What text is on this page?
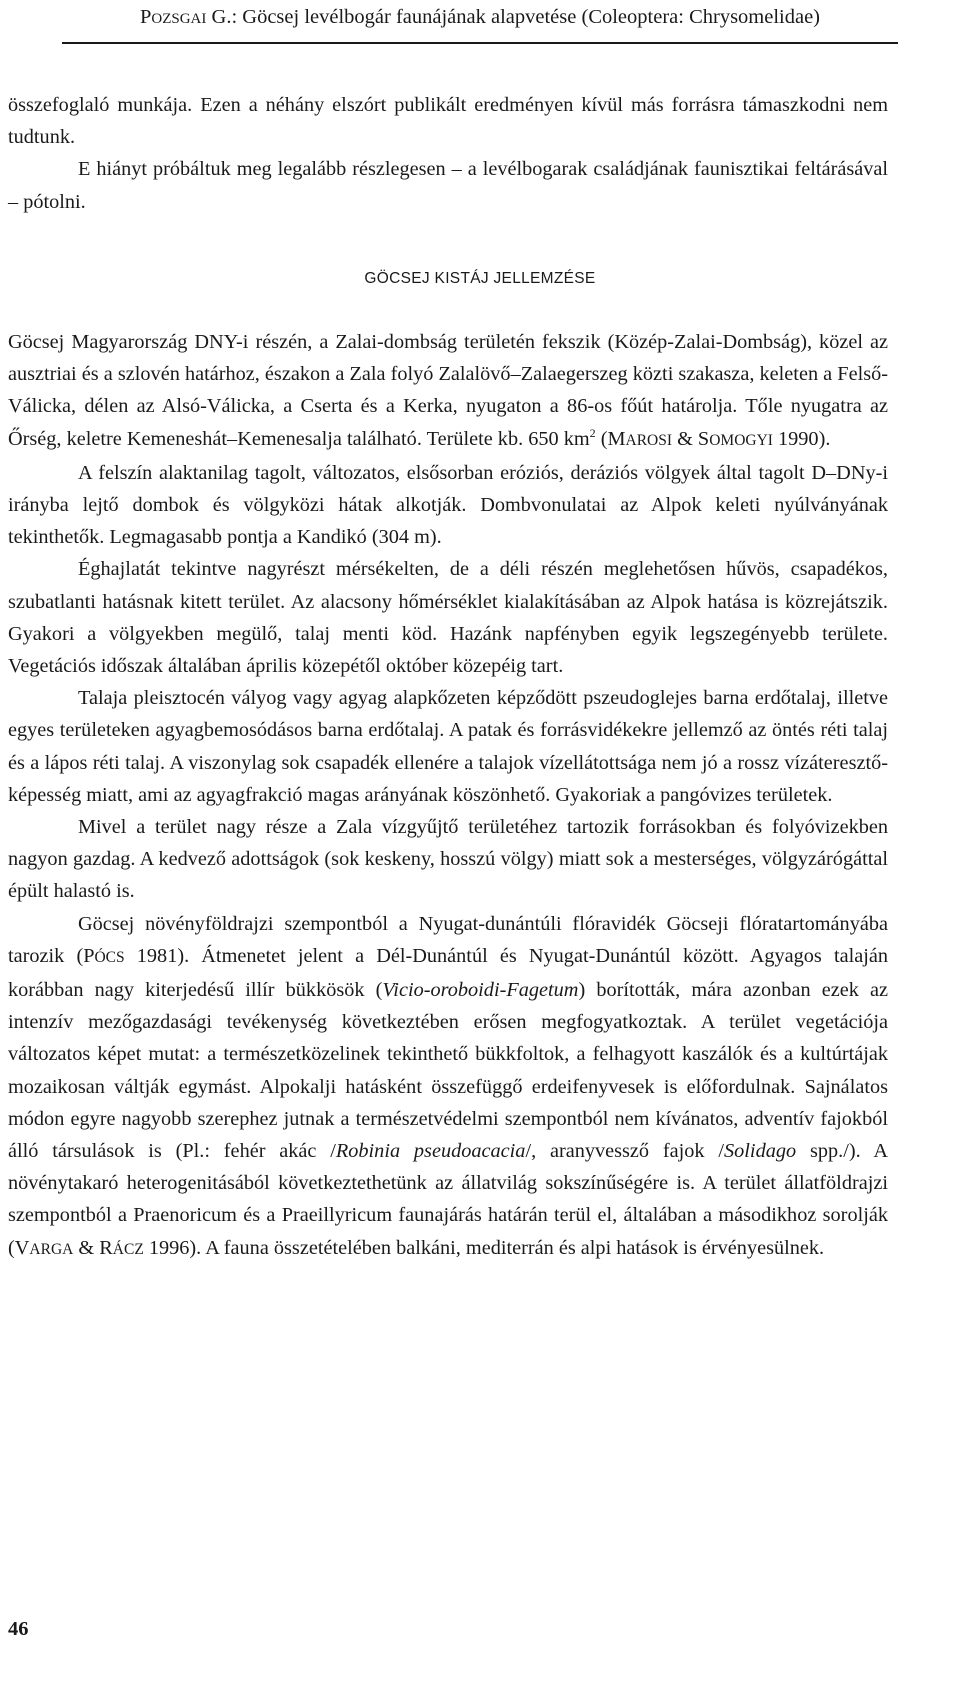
POZSGAI G.: Göcsej levélbogár faunájának alapvetése (Coleoptera: Chrysomelidae)

összefoglaló munkája. Ezen a néhány elszórt publikált eredményen kívül más forrásra támaszkodni nem tudtunk.

E hiányt próbáltuk meg legalább részlegesen – a levélbogarak családjának faunisztikai feltárásával – pótolni.

GÖCSEJ KISTÁJ JELLEMZÉSE

Göcsej Magyarország DNY-i részén, a Zalai-dombság területén fekszik (Közép-Zalai-Dombság), közel az ausztriai és a szlovén határhoz, északon a Zala folyó Zalalövő–Zalaegerszeg közti szakasza, keleten a Felső-Válicka, délen az Alsó-Válicka, a Cserta és a Kerka, nyugaton a 86-os főút határolja. Tőle nyugatra az Őrség, keletre Kemeneshát–Kemenesalja található. Területe kb. 650 $km^2$ (MAROSI & SOMOGYI 1990).

A felszín alaktanilag tagolt, változatos, elsősorban eróziós, deráziós völgyek által tagolt D–DNy-i irányba lejtő dombok és völgyközi hátak alkotják. Dombvonulatai az Alpok keleti nyúlványának tekinthetők. Legmagasabb pontja a Kandikó (304 m).

Éghajlatát tekintve nagyrészt mérsékelten, de a déli részén meglehetősen hűvös, csapadékos, szubatlanti hatásnak kitett terület. Az alacsony hőmérséklet kialakításában az Alpok hatása is közrejátszik. Gyakori a völgyekben megülő, talaj menti köd. Hazánk napfényben egyik legszegényebb területe. Vegetációs időszak általában április közepétől október közepéig tart.

Talaja pleisztocén vályog vagy agyag alapkőzeten képződött pszeudoglejes barna erdőtalaj, illetve egyes területeken agyagbemosódásos barna erdőtalaj. A patak és forrásvidékekre jellemző az öntés réti talaj és a lápos réti talaj. A viszonylag sok csapadék ellenére a talajok vízellátottsága nem jó a rossz vízáteresztő-képesség miatt, ami az agyagfrakció magas arányának köszönhető. Gyakoriak a pangóvizes területek.

Mivel a terület nagy része a Zala vízgyűjtő területéhez tartozik forrásokban és folyóvizekben nagyon gazdag. A kedvező adottságok (sok keskeny, hosszú völgy) miatt sok a mesterséges, völgyzárógáttal épült halastó is.

Göcsej növényföldrajzi szempontból a Nyugat-dunántúli flóravidék Göcseji flóratartományába tarozik (PÓCS 1981). Átmenetet jelent a Dél-Dunántúl és Nyugat-Dunántúl között. Agyagos talaján korábban nagy kiterjedésű illír bükkösök (Vicio-oroboidi-Fagetum) borították, mára azonban ezek az intenzív mezőgazdasági tevékenység következtében erősen megfogyatkoztak. A terület vegetációja változatos képet mutat: a természetközelinek tekinthető bükkfoltok, a felhagyott kaszálók és a kultúrtájak mozaikosan váltják egymást. Alpokalji hatásként összefüggő erdeifenyvesek is előfordulnak. Sajnálatos módon egyre nagyobb szerephez jutnak a természetvédelmi szempontból nem kívánatos, adventív fajokból álló társulások is (Pl.: fehér akác /Robinia pseudoacacia/, aranyvessző fajok /Solidago spp./). A növénytakaró heterogenitásából következtethetünk az állatvilág sokszínűségére is. A terület állatföldrajzi szempontból a Praenoricum és a Praeillyricum faunajárás határán terül el, általában a másodikhoz sorolják (VARGA & RÁCZ 1996). A fauna összetételében balkáni, mediterrán és alpi hatások is érvényesülnek.

46
